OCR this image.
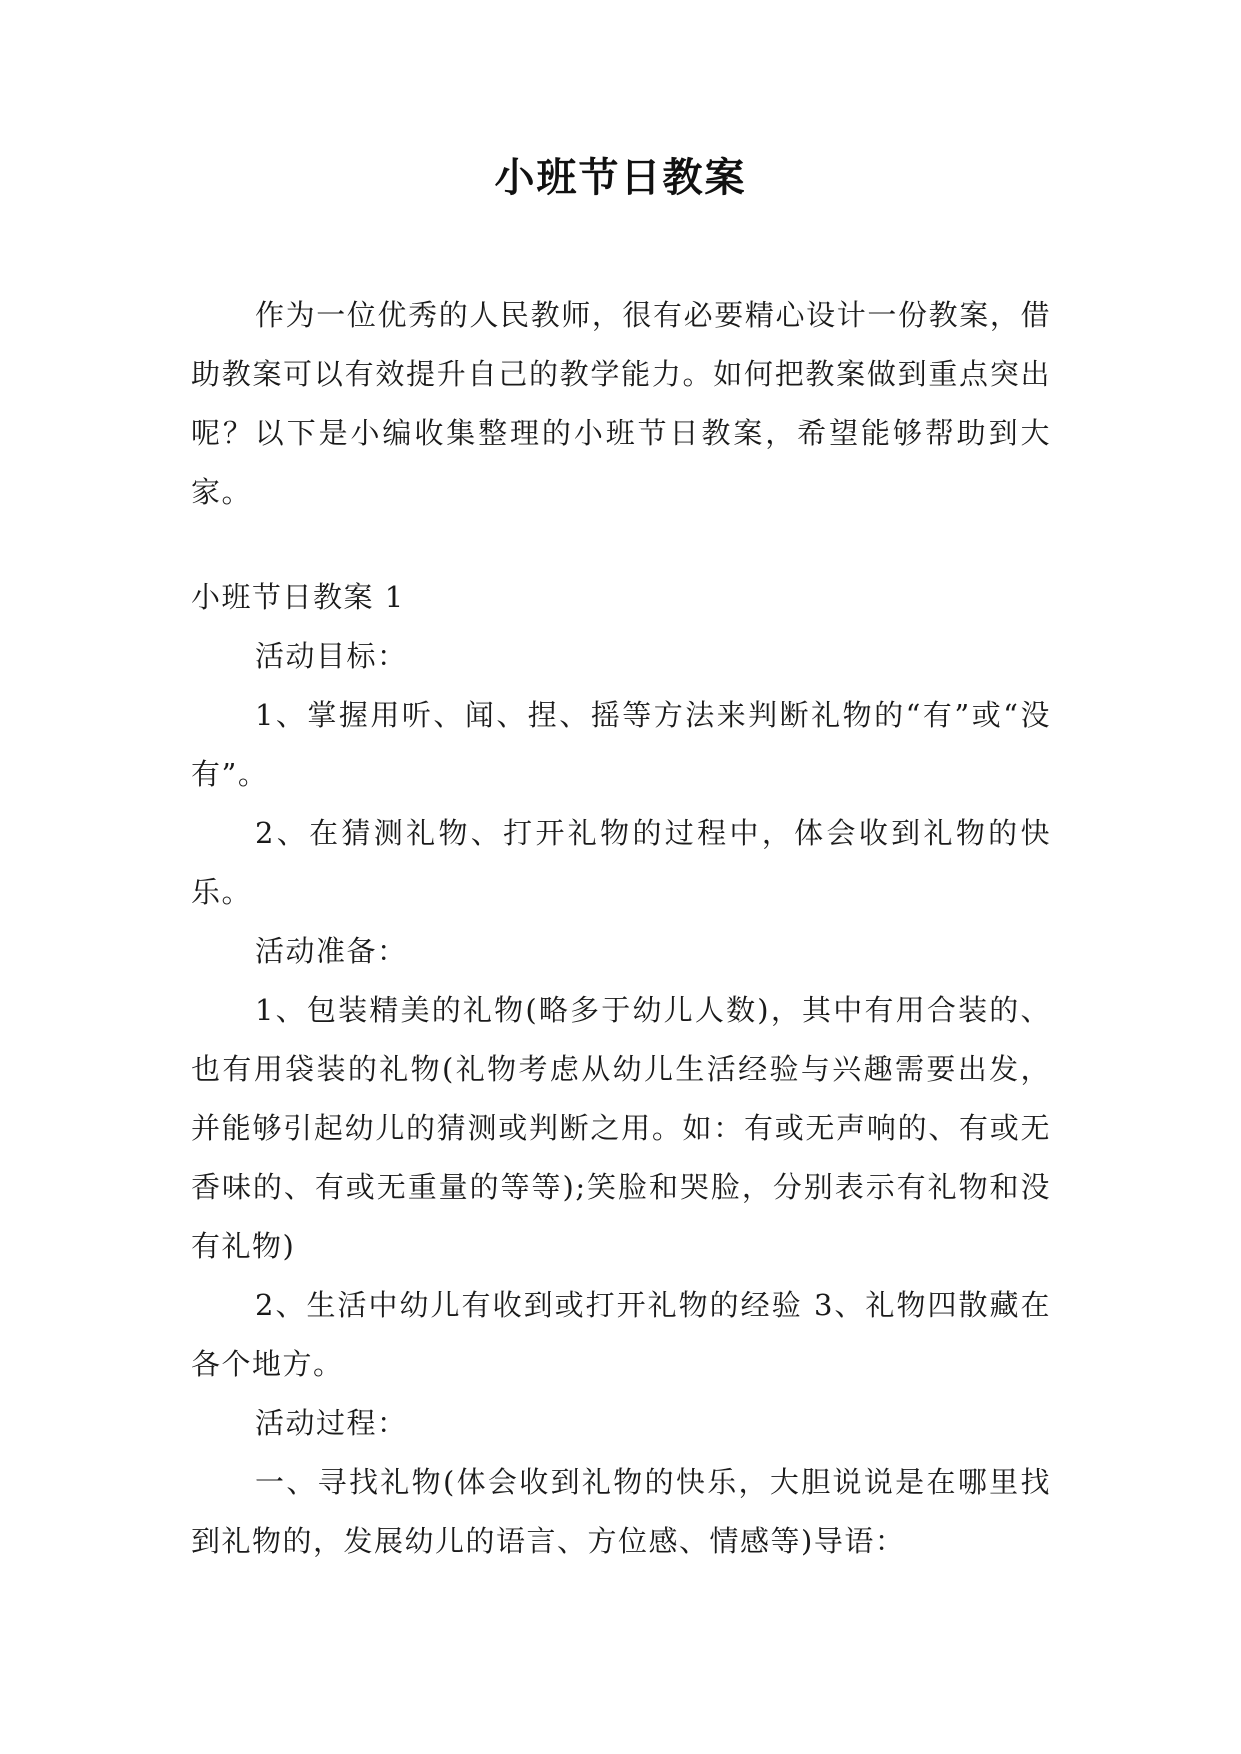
小班节日教案

作为一位优秀的人民教师，很有必要精心设计一份教案，借助教案可以有效提升自己的教学能力。如何把教案做到重点突出呢？以下是小编收集整理的小班节日教案，希望能够帮助到大家。

小班节日教案 1

活动目标：

1、掌握用听、闻、捏、摇等方法来判断礼物的“有”或“没有”。

2、在猜测礼物、打开礼物的过程中，体会收到礼物的快乐。

活动准备：

1、包装精美的礼物(略多于幼儿人数)，其中有用合装的、也有用袋装的礼物(礼物考虑从幼儿生活经验与兴趣需要出发，并能够引起幼儿的猜测或判断之用。如：有或无声响的、有或无香味的、有或无重量的等等);笑脸和哭脸，分别表示有礼物和没有礼物)

2、生活中幼儿有收到或打开礼物的经验 3、礼物四散藏在各个地方。

活动过程：

一、寻找礼物(体会收到礼物的快乐，大胆说说是在哪里找到礼物的，发展幼儿的语言、方位感、情感等)导语：
